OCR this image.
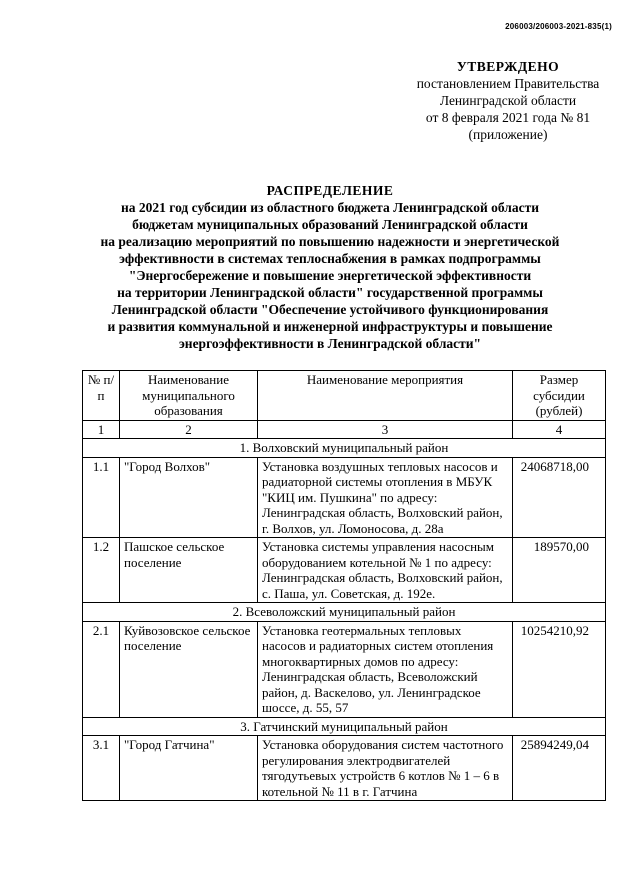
206003/206003-2021-835(1)
УТВЕРЖДЕНО
постановлением Правительства
Ленинградской области
от 8 февраля 2021 года № 81
(приложение)
РАСПРЕДЕЛЕНИЕ
на 2021 год субсидии из областного бюджета Ленинградской области
бюджетам муниципальных образований Ленинградской области
на реализацию мероприятий по повышению надежности и энергетической
эффективности в системах теплоснабжения в рамках подпрограммы
"Энергосбережение и повышение энергетической эффективности
на территории Ленинградской области" государственной программы
Ленинградской области "Обеспечение устойчивого функционирования
и развития коммунальной и инженерной инфраструктуры и повышение
энергоэффективности в Ленинградской области"
№ п/п	Наименование муниципального образования	Наименование мероприятия	Размер субсидии (рублей)
1	2	3	4
1. Волховский муниципальный район			
1.1	"Город Волхов"	Установка воздушных тепловых насосов и радиаторной системы отопления в МБУК "КИЦ им. Пушкина" по адресу: Ленинградская область, Волховский район, г. Волхов, ул. Ломоносова, д. 28а	24068718,00
1.2	Пашское сельское поселение	Установка системы управления насосным оборудованием котельной № 1 по адресу: Ленинградская область, Волховский район, с. Паша, ул. Советская, д. 192е.	189570,00
2. Всеволожский муниципальный район			
2.1	Куйвозовское сельское поселение	Установка геотермальных тепловых насосов и радиаторных систем отопления многоквартирных домов по адресу: Ленинградская область, Всеволожский район, д. Васкелово, ул. Ленинградское шоссе, д. 55, 57	10254210,92
3. Гатчинский муниципальный район			
3.1	"Город Гатчина"	Установка оборудования систем частотного регулирования электродвигателей тягодутьевых устройств 6 котлов № 1 – 6 в котельной № 11 в г. Гатчина	25894249,04
